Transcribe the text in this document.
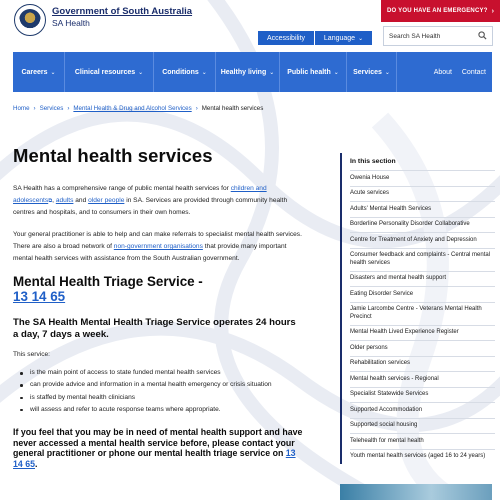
Government of South Australia
SA Health
DO YOU HAVE AN EMERGENCY? ›
Accessibility	Language ⌄
Search SA Health
Careers ⌄	Clinical resources ⌄	Conditions ⌄ Healthy living ⌄ Public health ⌄ Services ⌄	About	Contact
Home › Services › Mental Health & Drug and Alcohol Services › Mental health services
Mental health services

SA Health has a comprehensive range of public mental health services for children and adolescents⧉, adults and older people in SA. Services are provided through community health centres and hospitals, and to consumers in their own homes.

Your general practitioner is able to help and can make referrals to specialist mental health services. There are also a broad network of non-government organisations that provide many important mental health services with assistance from the South Australian government.

Mental Health Triage Service -
13 14 65
The SA Health Mental Health Triage Service operates 24 hours a day, 7 days a week.

This service:

is the main point of access to state funded mental health services
can provide advice and information in a mental health emergency or crisis situation
is staffed by mental health clinicians
will assess and refer to acute response teams where appropriate.
If you feel that you may be in need of mental health support and have never accessed a mental health service before, please contact your general practitioner or phone our mental health triage service on 13 14 65.
In this section
Owenia House
Acute services
Adults' Mental Health Services
Borderline Personality Disorder Collaborative
Centre for Treatment of Anxiety and Depression
Consumer feedback and complaints - Central mental health services
Disasters and mental health support
Eating Disorder Service
Jamie Larcombe Centre - Veterans Mental Health Precinct
Mental Health Lived Experience Register
Older persons
Rehabilitation services
Mental health services - Regional
Specialist Statewide Services
Supported Accommodation
Supported social housing
Telehealth for mental health
Youth mental health services (aged 16 to 24 years)
